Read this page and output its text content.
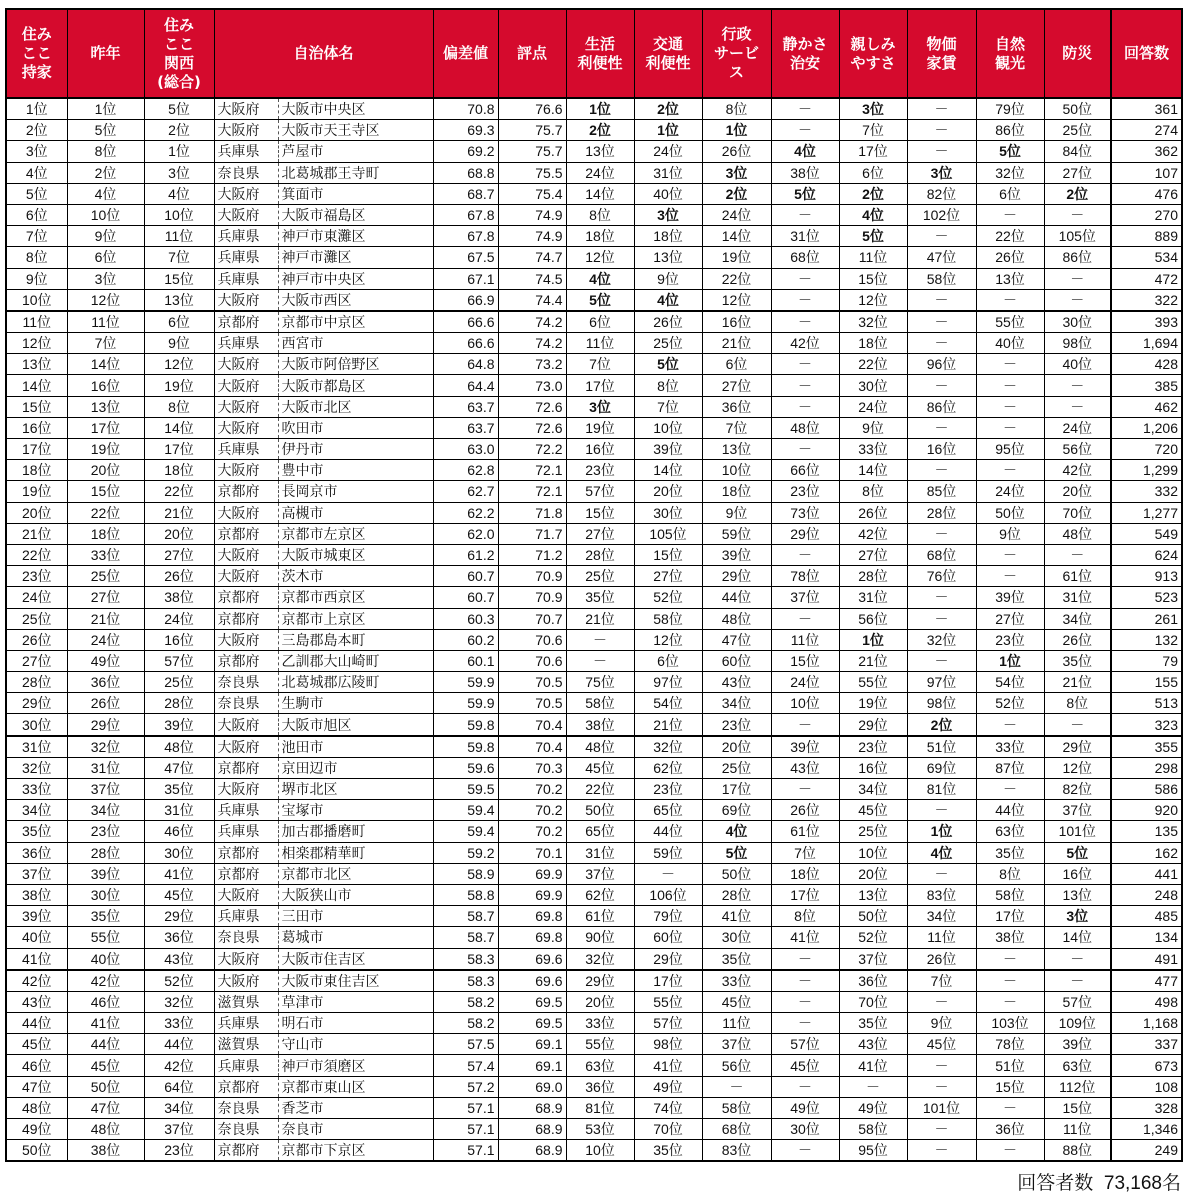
住み
ここ
持家	昨年	住み
ここ
関西
(総合)	自治体名		偏差値	評点	生活
利便性	交通
利便性	行政
サービ
ス	静かさ
治安	親しみ
やすさ	物価
家賃	自然
観光	防災	回答数
1位	1位	5位	大阪府	大阪市中央区	70.8	76.6	1位	2位	8位	－	3位	－	79位	50位	361
2位	5位	2位	大阪府	大阪市天王寺区	69.3	75.7	2位	1位	1位	－	7位	－	86位	25位	274
3位	8位	1位	兵庫県	芦屋市	69.2	75.7	13位	24位	26位	4位	17位	－	5位	84位	362
4位	2位	3位	奈良県	北葛城郡王寺町	68.8	75.5	24位	31位	3位	38位	6位	3位	32位	27位	107
5位	4位	4位	大阪府	箕面市	68.7	75.4	14位	40位	2位	5位	2位	82位	6位	2位	476
6位	10位	10位	大阪府	大阪市福島区	67.8	74.9	8位	3位	24位	－	4位	102位	－	－	270
7位	9位	11位	兵庫県	神戸市東灘区	67.8	74.9	18位	18位	14位	31位	5位	－	22位	105位	889
8位	6位	7位	兵庫県	神戸市灘区	67.5	74.7	12位	13位	19位	68位	11位	47位	26位	86位	534
9位	3位	15位	兵庫県	神戸市中央区	67.1	74.5	4位	9位	22位	－	15位	58位	13位	－	472
10位	12位	13位	大阪府	大阪市西区	66.9	74.4	5位	4位	12位	－	12位	－	－	－	322
11位	11位	6位	京都府	京都市中京区	66.6	74.2	6位	26位	16位	－	32位	－	55位	30位	393
12位	7位	9位	兵庫県	西宮市	66.6	74.2	11位	25位	21位	42位	18位	－	40位	98位	1,694
13位	14位	12位	大阪府	大阪市阿倍野区	64.8	73.2	7位	5位	6位	－	22位	96位	－	40位	428
14位	16位	19位	大阪府	大阪市都島区	64.4	73.0	17位	8位	27位	－	30位	－	－	－	385
15位	13位	8位	大阪府	大阪市北区	63.7	72.6	3位	7位	36位	－	24位	86位	－	－	462
16位	17位	14位	大阪府	吹田市	63.7	72.6	19位	10位	7位	48位	9位	－	－	24位	1,206
17位	19位	17位	兵庫県	伊丹市	63.0	72.2	16位	39位	13位	－	33位	16位	95位	56位	720
18位	20位	18位	大阪府	豊中市	62.8	72.1	23位	14位	10位	66位	14位	－	－	42位	1,299
19位	15位	22位	京都府	長岡京市	62.7	72.1	57位	20位	18位	23位	8位	85位	24位	20位	332
20位	22位	21位	大阪府	高槻市	62.2	71.8	15位	30位	9位	73位	26位	28位	50位	70位	1,277
21位	18位	20位	京都府	京都市左京区	62.0	71.7	27位	105位	59位	29位	42位	－	9位	48位	549
22位	33位	27位	大阪府	大阪市城東区	61.2	71.2	28位	15位	39位	－	27位	68位	－	－	624
23位	25位	26位	大阪府	茨木市	60.7	70.9	25位	27位	29位	78位	28位	76位	－	61位	913
24位	27位	38位	京都府	京都市西京区	60.7	70.9	35位	52位	44位	37位	31位	－	39位	31位	523
25位	21位	24位	京都府	京都市上京区	60.3	70.7	21位	58位	48位	－	56位	－	27位	34位	261
26位	24位	16位	大阪府	三島郡島本町	60.2	70.6	－	12位	47位	11位	1位	32位	23位	26位	132
27位	49位	57位	京都府	乙訓郡大山崎町	60.1	70.6	－	6位	60位	15位	21位	－	1位	35位	79
28位	36位	25位	奈良県	北葛城郡広陵町	59.9	70.5	75位	97位	43位	24位	55位	97位	54位	21位	155
29位	26位	28位	奈良県	生駒市	59.9	70.5	58位	54位	34位	10位	19位	98位	52位	8位	513
30位	29位	39位	大阪府	大阪市旭区	59.8	70.4	38位	21位	23位	－	29位	2位	－	－	323
31位	32位	48位	大阪府	池田市	59.8	70.4	48位	32位	20位	39位	23位	51位	33位	29位	355
32位	31位	47位	京都府	京田辺市	59.6	70.3	45位	62位	25位	43位	16位	69位	87位	12位	298
33位	37位	35位	大阪府	堺市北区	59.5	70.2	22位	23位	17位	－	34位	81位	－	82位	586
34位	34位	31位	兵庫県	宝塚市	59.4	70.2	50位	65位	69位	26位	45位	－	44位	37位	920
35位	23位	46位	兵庫県	加古郡播磨町	59.4	70.2	65位	44位	4位	61位	25位	1位	63位	101位	135
36位	28位	30位	京都府	相楽郡精華町	59.2	70.1	31位	59位	5位	7位	10位	4位	35位	5位	162
37位	39位	41位	京都府	京都市北区	58.9	69.9	37位	－	50位	18位	20位	－	8位	16位	441
38位	30位	45位	大阪府	大阪狭山市	58.8	69.9	62位	106位	28位	17位	13位	83位	58位	13位	248
39位	35位	29位	兵庫県	三田市	58.7	69.8	61位	79位	41位	8位	50位	34位	17位	3位	485
40位	55位	36位	奈良県	葛城市	58.7	69.8	90位	60位	30位	41位	52位	11位	38位	14位	134
41位	40位	43位	大阪府	大阪市住吉区	58.3	69.6	32位	29位	35位	－	37位	26位	－	－	491
42位	42位	52位	大阪府	大阪市東住吉区	58.3	69.6	29位	17位	33位	－	36位	7位	－	－	477
43位	46位	32位	滋賀県	草津市	58.2	69.5	20位	55位	45位	－	70位	－	－	57位	498
44位	41位	33位	兵庫県	明石市	58.2	69.5	33位	57位	11位	－	35位	9位	103位	109位	1,168
45位	44位	44位	滋賀県	守山市	57.5	69.1	55位	98位	37位	57位	43位	45位	78位	39位	337
46位	45位	42位	兵庫県	神戸市須磨区	57.4	69.1	63位	41位	56位	45位	41位	－	51位	63位	673
47位	50位	64位	京都府	京都市東山区	57.2	69.0	36位	49位	－	－	－	－	15位	112位	108
48位	47位	34位	奈良県	香芝市	57.1	68.9	81位	74位	58位	49位	49位	101位	－	15位	328
49位	48位	37位	奈良県	奈良市	57.1	68.9	53位	70位	68位	30位	58位	－	36位	11位	1,346
50位	38位	23位	京都府	京都市下京区	57.1	68.9	10位	35位	83位	－	95位	－	－	88位	249
回答者数 73,168名
